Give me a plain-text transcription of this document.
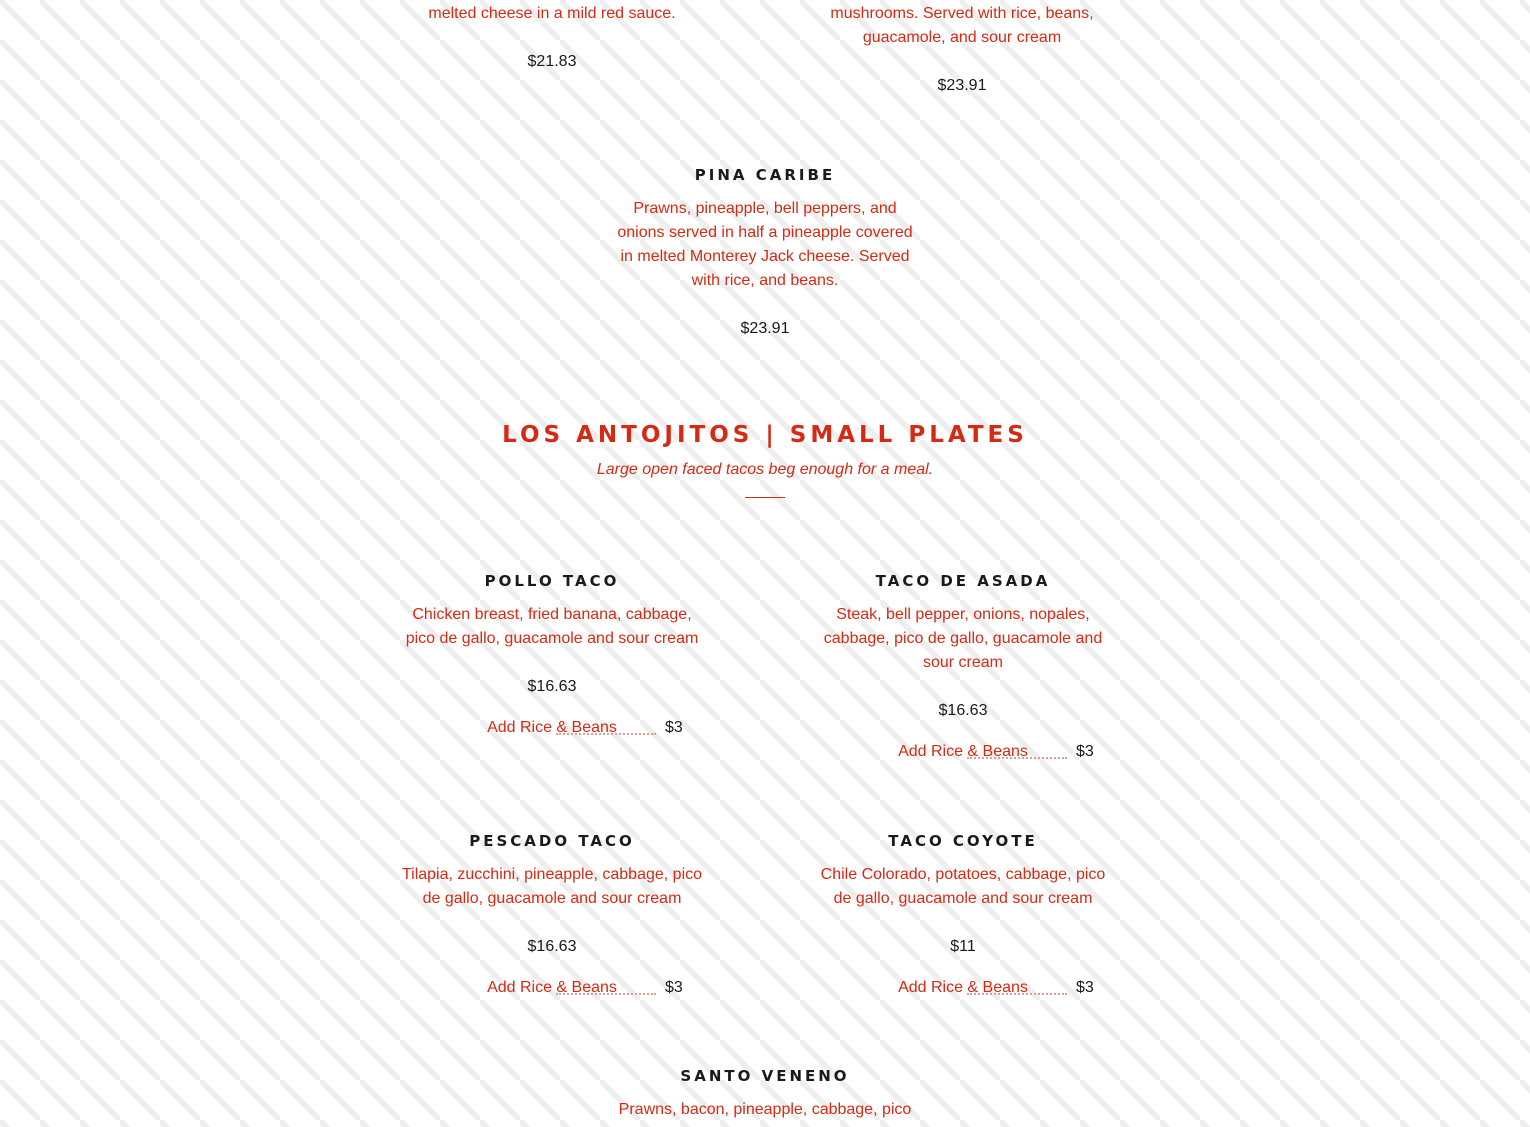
melted cheese in a mild red sauce.

$21.83

mushrooms. Served with rice, beans,
guacamole, and sour cream

$23.91
PINA CARIBE

Prawns, pineapple, bell peppers, and
onions served in half a pineapple covered
in melted Monterey Jack cheese. Served
with rice, and beans.

$23.91
LOS ANTOJITOS | SMALL PLATES
Large open faced tacos beg enough for a meal.
POLLO TACO

Chicken breast, fried banana, cabbage,
pico de gallo, guacamole and sour cream

$16.63
Add Rice & Beans	$3
TACO DE ASADA

Steak, bell pepper, onions, nopales,
cabbage, pico de gallo, guacamole and
sour cream

$16.63
Add Rice & Beans	$3
PESCADO TACO

Tilapia, zucchini, pineapple, cabbage, pico
de gallo, guacamole and sour cream

$16.63
Add Rice & Beans	$3
TACO COYOTE

Chile Colorado, potatoes, cabbage, pico
de gallo, guacamole and sour cream

$11
Add Rice & Beans	$3
SANTO VENENO

Prawns, bacon, pineapple, cabbage, pico
